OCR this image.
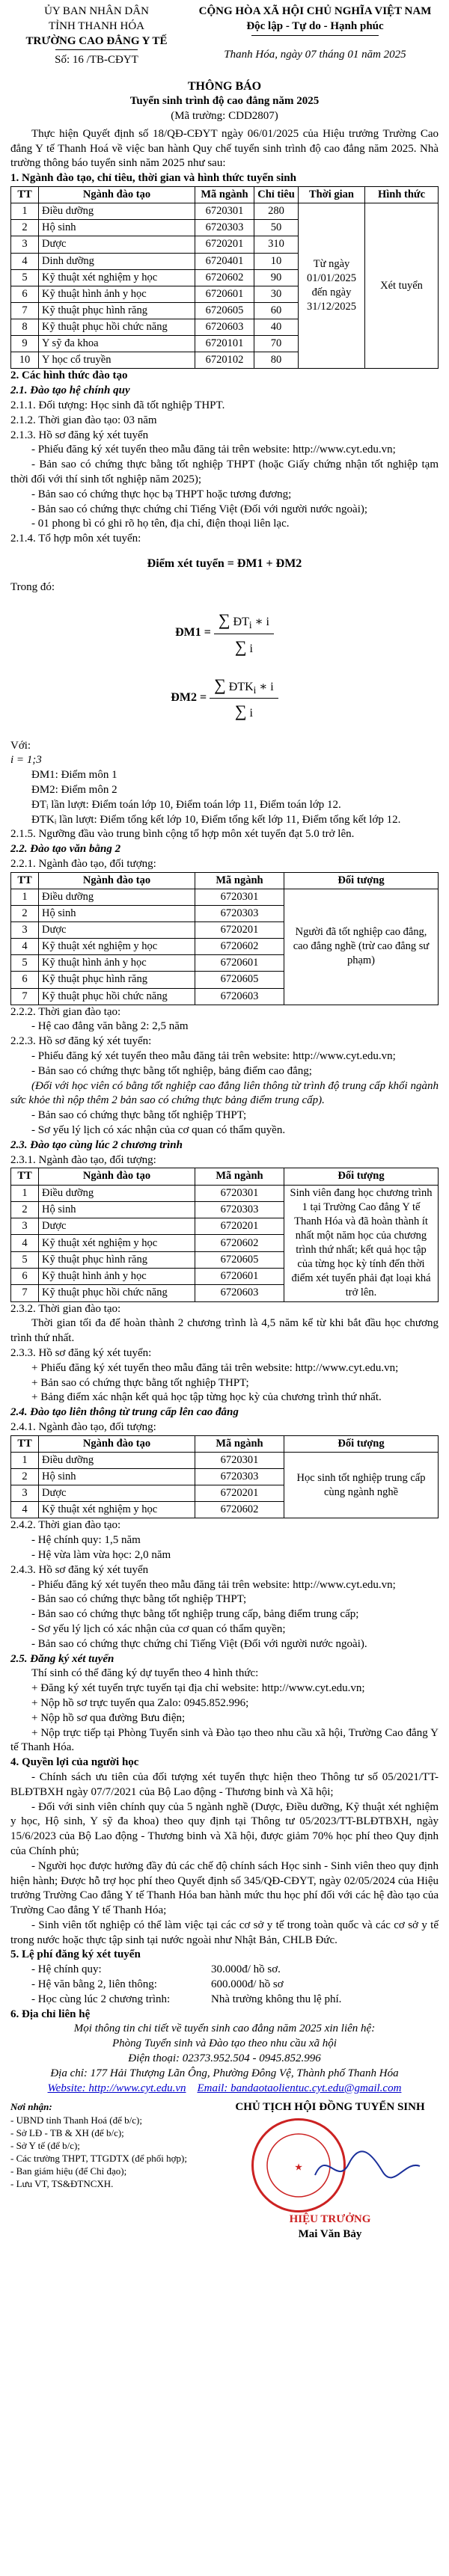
ỦY BAN NHÂN DÂN
TỈNH THANH HÓA
TRƯỜNG CAO ĐẲNG Y TẾ
Số: 16 /TB-CĐYT
CỘNG HÒA XÃ HỘI CHỦ NGHĨA VIỆT NAM
Độc lập - Tự do - Hạnh phúc
Thanh Hóa, ngày 07 tháng 01 năm 2025
THÔNG BÁO
Tuyển sinh trình độ cao đẳng năm 2025
(Mã trường: CDD2807)

Thực hiện Quyết định số 18/QĐ-CĐYT ngày 06/01/2025 của Hiệu trưởng Trường Cao đẳng Y tế Thanh Hoá về việc ban hành Quy chế tuyển sinh trình độ cao đẳng năm 2025. Nhà trường thông báo tuyển sinh năm 2025 như sau:

1. Ngành đào tạo, chỉ tiêu, thời gian và hình thức tuyển sinh

TT	Ngành đào tạo	Mã ngành	Chỉ tiêu	Thời gian	Hình thức
1	Điều dưỡng	6720301	280	Từ ngày 01/01/2025 đến ngày 31/12/2025	Xét tuyển
2	Hộ sinh	6720303	50		
3	Dược	6720201	310		
4	Dinh dưỡng	6720401	10		
5	Kỹ thuật xét nghiệm y học	6720602	90		
6	Kỹ thuật hình ảnh y học	6720601	30		
7	Kỹ thuật phục hình răng	6720605	60		
8	Kỹ thuật phục hồi chức năng	6720603	40		
9	Y sỹ đa khoa	6720101	70		
10	Y học cổ truyền	6720102	80		

2. Các hình thức đào tạo

2.1. Đào tạo hệ chính quy

2.1.1. Đối tượng: Học sinh đã tốt nghiệp THPT.

2.1.2. Thời gian đào tạo: 03 năm

2.1.3. Hồ sơ đăng ký xét tuyển

- Phiếu đăng ký xét tuyển theo mẫu đăng tải trên website: http://www.cyt.edu.vn;

- Bản sao có chứng thực bằng tốt nghiệp THPT (hoặc Giấy chứng nhận tốt nghiệp tạm thời đối với thí sinh tốt nghiệp năm 2025);

- Bản sao có chứng thực học bạ THPT hoặc tương đương;

- Bản sao có chứng thực chứng chỉ Tiếng Việt (Đối với người nước ngoài);

- 01 phong bì có ghi rõ họ tên, địa chỉ, điện thoại liên lạc.

2.1.4. Tổ hợp môn xét tuyển:

Điểm xét tuyển = ĐM1 + ĐM2

Trong đó:

ĐM1 = $\frac{\sum ĐT_i ∗ i}{\sum i}$
ĐM2 = $\frac{\sum ĐTK_i ∗ i}{\sum i}$

Với:

i = 1;3

ĐM1: Điểm môn 1

ĐM2: Điểm môn 2

ĐTᵢ lần lượt: Điểm toán lớp 10, Điểm toán lớp 11, Điểm toán lớp 12.

ĐTKᵢ lần lượt: Điểm tổng kết lớp 10, Điểm tổng kết lớp 11, Điểm tổng kết lớp 12.

2.1.5. Ngưỡng đầu vào trung bình cộng tổ hợp môn xét tuyển đạt 5.0 trở lên.

2.2. Đào tạo văn bằng 2

2.2.1. Ngành đào tạo, đối tượng:

TT	Ngành đào tạo	Mã ngành	Đối tượng
1	Điều dưỡng	6720301	Người đã tốt nghiệp cao đẳng, cao đẳng nghề (trừ cao đẳng sư phạm)
2	Hộ sinh	6720303	
3	Dược	6720201	
4	Kỹ thuật xét nghiệm y học	6720602	
5	Kỹ thuật hình ảnh y học	6720601	
6	Kỹ thuật phục hình răng	6720605	
7	Kỹ thuật phục hồi chức năng	6720603	

2.2.2. Thời gian đào tạo:

- Hệ cao đẳng văn bằng 2: 2,5 năm

2.2.3. Hồ sơ đăng ký xét tuyển:

- Phiếu đăng ký xét tuyển theo mẫu đăng tải trên website: http://www.cyt.edu.vn;

- Bản sao có chứng thực bằng tốt nghiệp, bảng điểm cao đẳng;

(Đối với học viên có bằng tốt nghiệp cao đẳng liên thông từ trình độ trung cấp khối ngành sức khỏe thì nộp thêm 2 bản sao có chứng thực bảng điểm trung cấp).

- Bản sao có chứng thực bằng tốt nghiệp THPT;

- Sơ yếu lý lịch có xác nhận của cơ quan có thẩm quyền.

2.3. Đào tạo cùng lúc 2 chương trình

2.3.1. Ngành đào tạo, đối tượng:

TT	Ngành đào tạo	Mã ngành	Đối tượng
1	Điều dưỡng	6720301	Sinh viên đang học chương trình 1 tại Trường Cao đẳng Y tế Thanh Hóa và đã hoàn thành ít nhất một năm học của chương trình thứ nhất; kết quả học tập của từng học kỳ tính đến thời điểm xét tuyển phải đạt loại khá trở lên.
2	Hộ sinh	6720303	
3	Dược	6720201	
4	Kỹ thuật xét nghiệm y học	6720602	
5	Kỹ thuật phục hình răng	6720605	
6	Kỹ thuật hình ảnh y học	6720601	
7	Kỹ thuật phục hồi chức năng	6720603	

2.3.2. Thời gian đào tạo:

Thời gian tối đa để hoàn thành 2 chương trình là 4,5 năm kể từ khi bắt đầu học chương trình thứ nhất.

2.3.3. Hồ sơ đăng ký xét tuyển:

+ Phiếu đăng ký xét tuyển theo mẫu đăng tải trên website: http://www.cyt.edu.vn;

+ Bản sao có chứng thực bằng tốt nghiệp THPT;

+ Bảng điểm xác nhận kết quả học tập từng học kỳ của chương trình thứ nhất.

2.4. Đào tạo liên thông từ trung cấp lên cao đẳng

2.4.1. Ngành đào tạo, đối tượng:

TT	Ngành đào tạo	Mã ngành	Đối tượng
1	Điều dưỡng	6720301	Học sinh tốt nghiệp trung cấp cùng ngành nghề
2	Hộ sinh	6720303	
3	Dược	6720201	
4	Kỹ thuật xét nghiệm y học	6720602	

2.4.2. Thời gian đào tạo:

- Hệ chính quy: 1,5 năm

- Hệ vừa làm vừa học: 2,0 năm

2.4.3. Hồ sơ đăng ký xét tuyển

- Phiếu đăng ký xét tuyển theo mẫu đăng tải trên website: http://www.cyt.edu.vn;

- Bản sao có chứng thực bằng tốt nghiệp THPT;

- Bản sao có chứng thực bằng tốt nghiệp trung cấp, bảng điểm trung cấp;

- Sơ yếu lý lịch có xác nhận của cơ quan có thẩm quyền;

- Bản sao có chứng thực chứng chỉ Tiếng Việt (Đối với người nước ngoài).

2.5. Đăng ký xét tuyển

Thí sinh có thể đăng ký dự tuyển theo 4 hình thức:

+ Đăng ký xét tuyển trực tuyến tại địa chỉ website: http://www.cyt.edu.vn;

+ Nộp hồ sơ trực tuyến qua Zalo: 0945.852.996;

+ Nộp hồ sơ qua đường Bưu điện;

+ Nộp trực tiếp tại Phòng Tuyển sinh và Đào tạo theo nhu cầu xã hội, Trường Cao đẳng Y tế Thanh Hóa.

4. Quyền lợi của người học

- Chính sách ưu tiên của đối tượng xét tuyển thực hiện theo Thông tư số 05/2021/TT-BLĐTBXH ngày 07/7/2021 của Bộ Lao động - Thương binh và Xã hội;

- Đối với sinh viên chính quy của 5 ngành nghề (Dược, Điều dưỡng, Kỹ thuật xét nghiệm y học, Hộ sinh, Y sỹ đa khoa) theo quy định tại Thông tư 05/2023/TT-BLĐTBXH, ngày 15/6/2023 của Bộ Lao động - Thương binh và Xã hội, được giảm 70% học phí theo Quy định của Chính phủ;

- Người học được hưởng đầy đủ các chế độ chính sách Học sinh - Sinh viên theo quy định hiện hành; Được hỗ trợ học phí theo Quyết định số 345/QĐ-CĐYT, ngày 02/05/2024 của Hiệu trưởng Trường Cao đẳng Y tế Thanh Hóa ban hành mức thu học phí đối với các hệ đào tạo của Trường Cao đẳng Y tế Thanh Hóa;

- Sinh viên tốt nghiệp có thể làm việc tại các cơ sở y tế trong toàn quốc và các cơ sở y tế trong nước hoặc thực tập sinh tại nước ngoài như Nhật Bản, CHLB Đức.

5. Lệ phí đăng ký xét tuyển

- Hệ chính quy:	30.000đ/ hồ sơ.
- Hệ văn bằng 2, liên thông:	600.000đ/ hồ sơ
- Học cùng lúc 2 chương trình:	Nhà trường không thu lệ phí.

6. Địa chỉ liên hệ

Mọi thông tin chi tiết về tuyển sinh cao đẳng năm 2025 xin liên hệ:
Phòng Tuyển sinh và Đào tạo theo nhu cầu xã hội
Điện thoại: 02373.952.504 - 0945.852.996
Địa chỉ: 177 Hải Thượng Lãn Ông, Phường Đông Vệ, Thành phố Thanh Hóa
Website: http://www.cyt.edu.vn Email: bandaotaolientuc.cyt.edu@gmail.com
Nơi nhận:
- UBND tỉnh Thanh Hoá (để b/c);
- Sở LĐ - TB & XH (để b/c);
- Sở Y tế (để b/c);
- Các trường THPT, TTGDTX (để phối hợp);
- Ban giám hiệu (để Chỉ đạo);
- Lưu VT, TS&ĐTNCXH.
CHỦ TỊCH HỘI ĐỒNG TUYỂN SINH
★
HIỆU TRƯỞNG
Mai Văn Bảy
